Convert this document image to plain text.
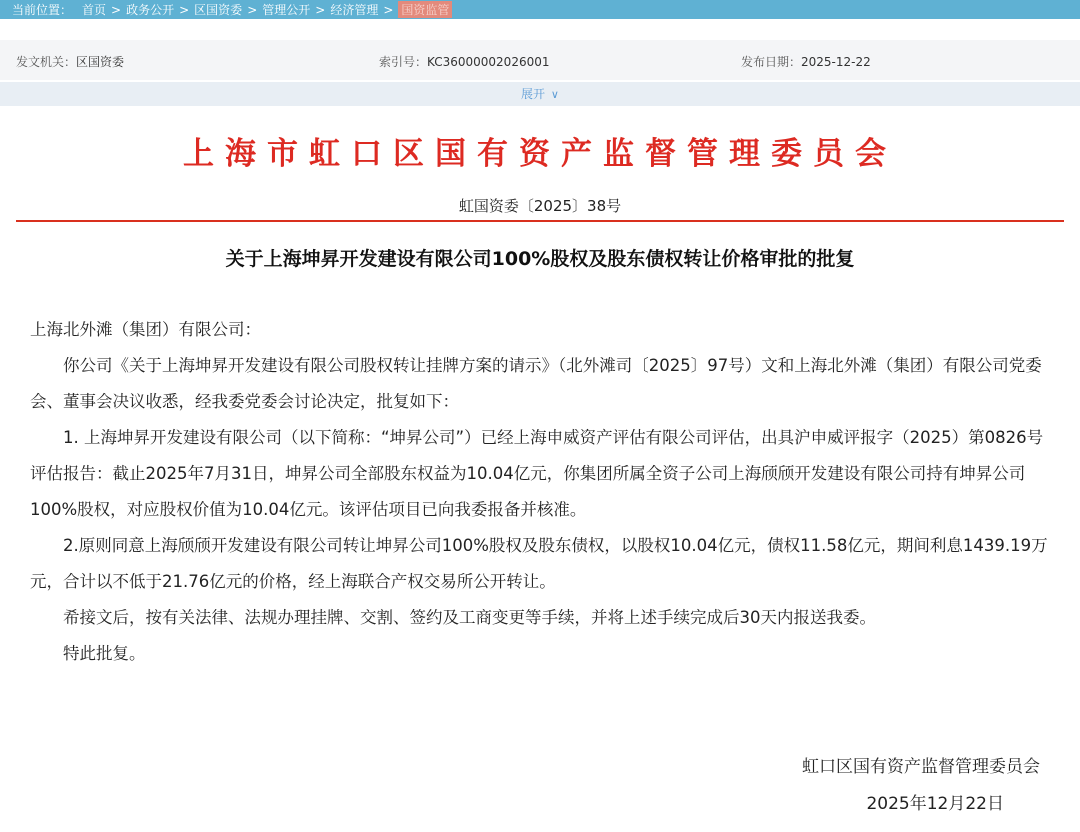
当前位置： 首页 > 政务公开 > 区国资委 > 管理公开 > 经济管理 > 国资监管
发文机关：区国资委	索引号：KC36000002026001	发布日期：2025-12-22
展开 ∨
上海市虹口区国有资产监督管理委员会
虹国资委〔2025〕38号
关于上海坤昇开发建设有限公司100%股权及股东债权转让价格审批的批复

上海北外滩（集团）有限公司：

你公司《关于上海坤昇开发建设有限公司股权转让挂牌方案的请示》（北外滩司〔2025〕97号）文和上海北外滩（集团）有限公司党委会、董事会决议收悉，经我委党委会讨论决定，批复如下：

1. 上海坤昇开发建设有限公司（以下简称：“坤昇公司”）已经上海申威资产评估有限公司评估，出具沪申威评报字（2025）第0826号评估报告：截止2025年7月31日，坤昇公司全部股东权益为10.04亿元，你集团所属全资子公司上海颀颀开发建设有限公司持有坤昇公司100%股权，对应股权价值为10.04亿元。该评估项目已向我委报备并核准。

2.原则同意上海颀颀开发建设有限公司转让坤昇公司100%股权及股东债权，以股权10.04亿元，债权11.58亿元，期间利息1439.19万元，合计以不低于21.76亿元的价格，经上海联合产权交易所公开转让。

希接文后，按有关法律、法规办理挂牌、交割、签约及工商变更等手续，并将上述手续完成后30天内报送我委。

特此批复。

虹口区国有资产监督管理委员会
2025年12月22日
